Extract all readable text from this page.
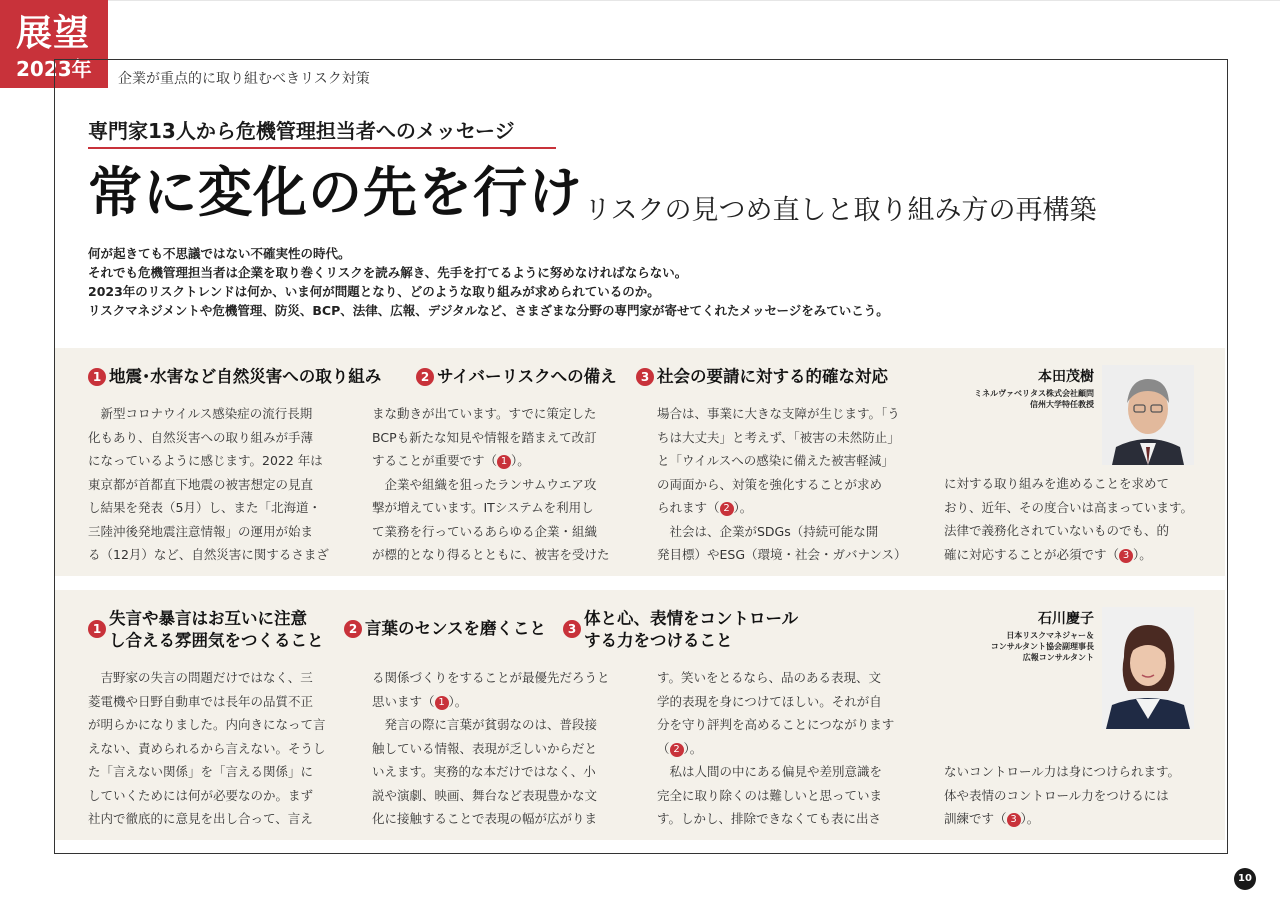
展望
2023年 企業が重点的に取り組むべきリスク対策
専門家13人から危機管理担当者へのメッセージ
常に変化の先を行け リスクの見つめ直しと取り組み方の再構築
何が起きても不思議ではない不確実性の時代。
それでも危機管理担当者は企業を取り巻くリスクを読み解き、先手を打てるように努めなければならない。
2023年のリスクトレンドは何か、いま何が問題となり、どのような取り組みが求められているのか。
リスクマネジメントや危機管理、防災、BCP、法律、広報、デジタルなど、さまざまな分野の専門家が寄せてくれたメッセージをみていこう。
1 地震･水害など自然災害への取り組み	2 サイバーリスクへの備え	3 社会の要請に対する的確な対応	本田茂樹
ミネルヴァベリタス株式会社顧問
信州大学特任教授
　新型コロナウイルス感染症の流行長期
化もあり、自然災害への取り組みが手薄
になっているように感じます。2022 年は
東京都が首都直下地震の被害想定の見直
し結果を発表（5月）し、また「北海道・
三陸沖後発地震注意情報」の運用が始ま
る（12月）など、自然災害に関するさまざ
まな動きが出ています。すでに策定した
BCPも新たな知見や情報を踏まえて改訂
することが重要です（ 1 ）。
　企業や組織を狙ったランサムウエア攻
撃が増えています。ITシステムを利用し
て業務を行っているあらゆる企業・組織
が標的となり得るとともに、被害を受けた
場合は、事業に大きな支障が生じます。「う
ちは大丈夫」と考えず、「被害の未然防止」
と「ウイルスへの感染に備えた被害軽減」
の両面から、対策を強化することが求め
られます（ 2 ）。
　社会は、企業がSDGs（持続可能な開
発目標）やESG（環境・社会・ガバナンス）
に対する取り組みを進めることを求めて
おり、近年、その度合いは高まっています。
法律で義務化されていないものでも、的
確に対応することが必須です（ 3 ）。
1
失言や暴言はお互いに注意
し合える雰囲気をつくること
2 言葉のセンスを磨くこと	3
体と心、表情をコントロール
する力をつけること
石川慶子
日本リスクマネジャー＆
コンサルタント協会副理事長
広報コンサルタント
　吉野家の失言の問題だけではなく、三
菱電機や日野自動車では長年の品質不正
が明らかになりました。内向きになって言
えない、責められるから言えない。そうし
た「言えない関係」を「言える関係」に
していくためには何が必要なのか。まず
社内で徹底的に意見を出し合って、言え
る関係づくりをすることが最優先だろうと
思います（ 1 ）。
　発言の際に言葉が貧弱なのは、普段接
触している情報、表現が乏しいからだと
いえます。実務的な本だけではなく、小
説や演劇、映画、舞台など表現豊かな文
化に接触することで表現の幅が広がりま
す。笑いをとるなら、品のある表現、文
学的表現を身につけてほしい。それが自
分を守り評判を高めることにつながります
（ 2 ）。
　私は人間の中にある偏見や差別意識を
完全に取り除くのは難しいと思っていま
す。しかし、排除できなくても表に出さ
ないコントロール力は身につけられます。
体や表情のコントロール力をつけるには
訓練です（ 3 ）。
10
